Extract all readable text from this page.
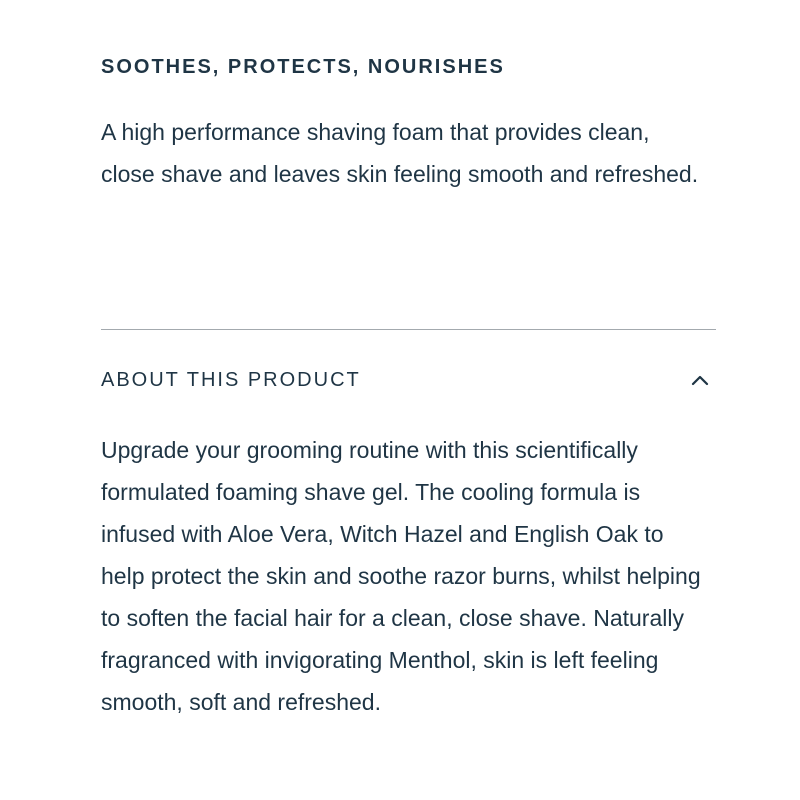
SOOTHES, PROTECTS, NOURISHES

A high performance shaving foam that provides clean, close shave and leaves skin feeling smooth and refreshed.

ABOUT THIS PRODUCT

Upgrade your grooming routine with this scientifically formulated foaming shave gel. The cooling formula is infused with Aloe Vera, Witch Hazel and English Oak to help protect the skin and soothe razor burns, whilst helping to soften the facial hair for a clean, close shave. Naturally fragranced with invigorating Menthol, skin is left feeling smooth, soft and refreshed.
